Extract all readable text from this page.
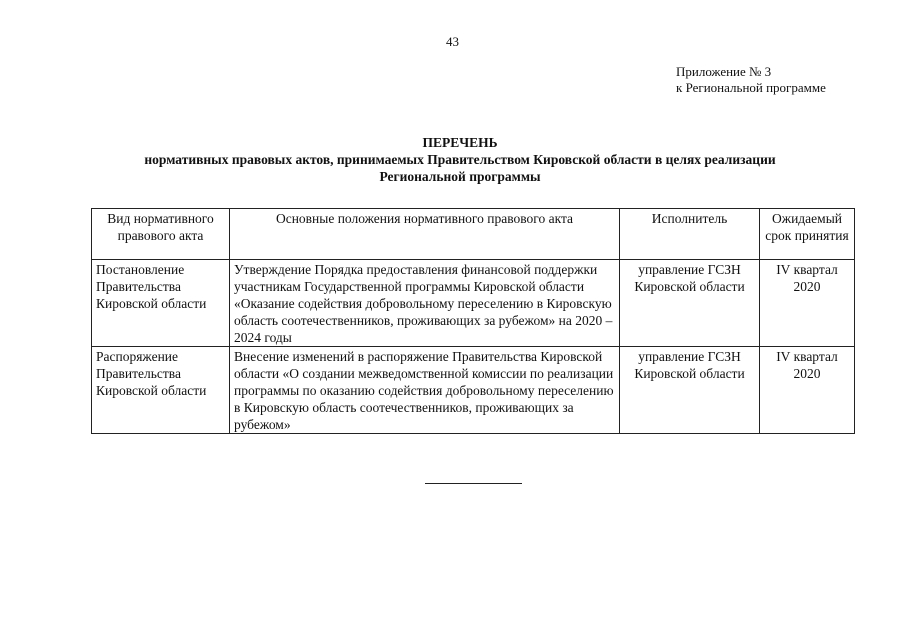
43
Приложение № 3
к Региональной программе
ПЕРЕЧЕНЬ
нормативных правовых актов, принимаемых Правительством Кировской области в целях реализации
Региональной программы
Вид нормативного правового акта	Основные положения нормативного правового акта	Исполнитель	Ожидаемый срок принятия
Постановление Правительства Кировской области	Утверждение Порядка предоставления финансовой поддержки участникам Государственной программы Кировской области «Оказание содействия добровольному переселению в Кировскую область соотечественников, проживающих за рубежом» на 2020 – 2024 годы	управление ГСЗН Кировской области	IV квартал 2020
Распоряжение Правительства Кировской области	Внесение изменений в распоряжение Правительства Кировской области «О создании межведомственной комиссии по реализации программы по оказанию содействия добровольному переселению в Кировскую область соотечественников, проживающих за рубежом»	управление ГСЗН Кировской области	IV квартал 2020
